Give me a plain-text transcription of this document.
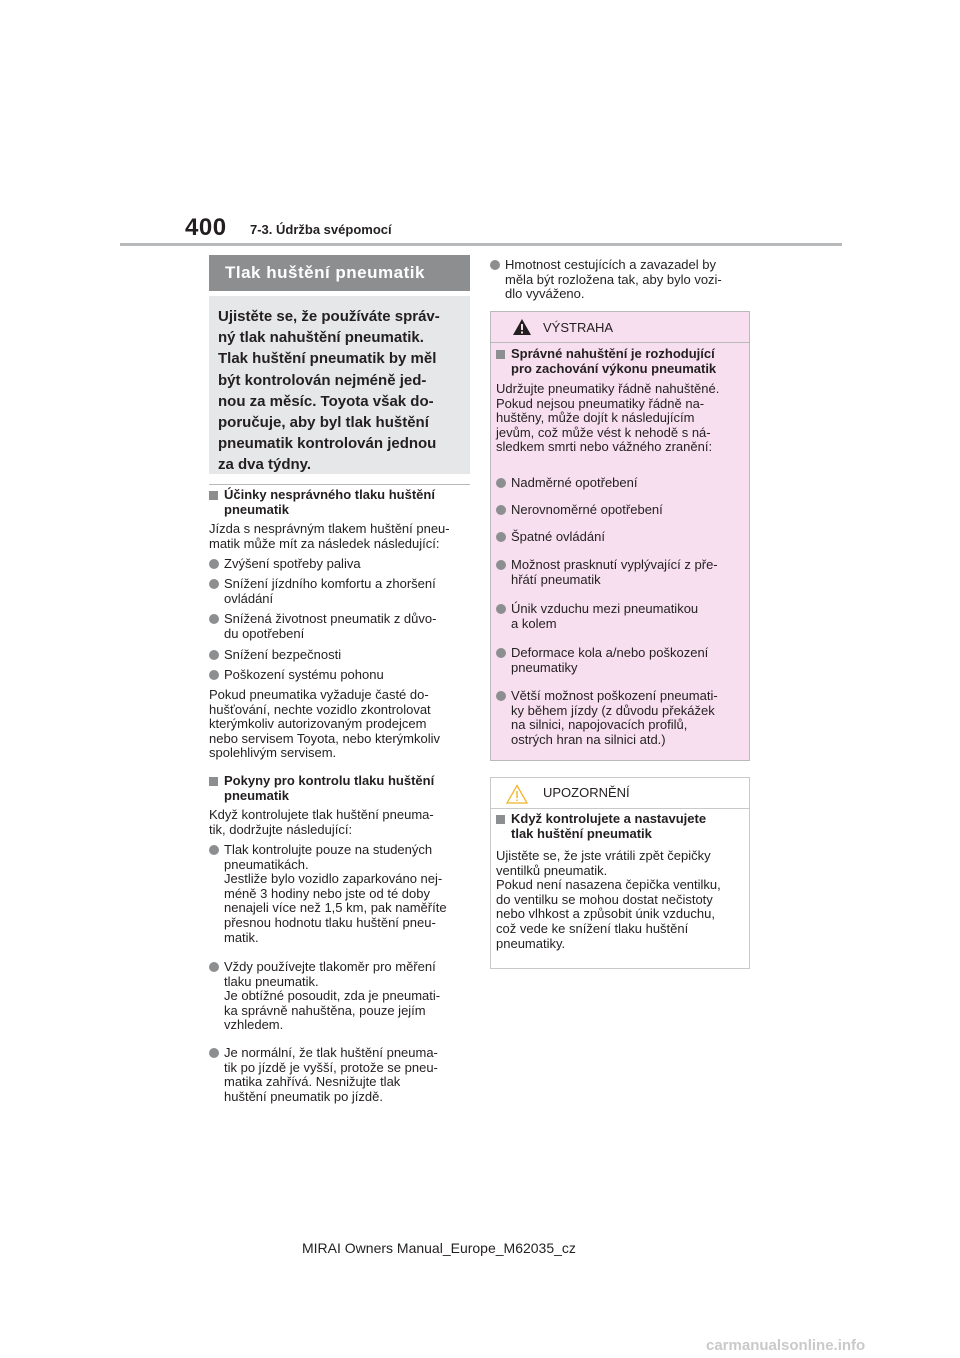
400 7-3. Údržba svépomocí
Tlak huštění pneumatik
Ujistěte se, že používáte správ-
ný tlak nahuštění pneumatik.
Tlak huštění pneumatik by měl
být kontrolován nejméně jed-
nou za měsíc. Toyota však do-
poručuje, aby byl tlak huštění
pneumatik kontrolován jednou
za dva týdny.
Účinky nesprávného tlaku huštění
pneumatik
Jízda s nesprávným tlakem huštění pneu-
matik může mít za následek následující:
Zvýšení spotřeby paliva
Snížení jízdního komfortu a zhoršení
ovládání
Snížená životnost pneumatik z důvo-
du opotřebení
Snížení bezpečnosti
Poškození systému pohonu
Pokud pneumatika vyžaduje časté do-
hušťování, nechte vozidlo zkontrolovat
kterýmkoliv autorizovaným prodejcem
nebo servisem Toyota, nebo kterýmkoliv
spolehlivým servisem.
Pokyny pro kontrolu tlaku huštění
pneumatik
Když kontrolujete tlak huštění pneuma-
tik, dodržujte následující:
Tlak kontrolujte pouze na studených
pneumatikách.
Jestliže bylo vozidlo zaparkováno nej-
méně 3 hodiny nebo jste od té doby
nenajeli více než 1,5 km, pak naměříte
přesnou hodnotu tlaku huštění pneu-
matik.
Vždy používejte tlakoměr pro měření
tlaku pneumatik.
Je obtížné posoudit, zda je pneumati-
ka správně nahuštěna, pouze jejím
vzhledem.
Je normální, že tlak huštění pneuma-
tik po jízdě je vyšší, protože se pneu-
matika zahřívá. Nesnižujte tlak
huštění pneumatik po jízdě.
Hmotnost cestujících a zavazadel by
měla být rozložena tak, aby bylo vozi-
dlo vyváženo.
VÝSTRAHA
Správné nahuštění je rozhodující
pro zachování výkonu pneumatik
Udržujte pneumatiky řádně nahuštěné.
Pokud nejsou pneumatiky řádně na-
huštěny, může dojít k následujícím
jevům, což může vést k nehodě s ná-
sledkem smrti nebo vážného zranění:
Nadměrné opotřebení
Nerovnoměrné opotřebení
Špatné ovládání
Možnost prasknutí vyplývající z pře-
hřátí pneumatik
Únik vzduchu mezi pneumatikou
a kolem
Deformace kola a/nebo poškození
pneumatiky
Větší možnost poškození pneumati-
ky během jízdy (z důvodu překážek
na silnici, napojovacích profilů,
ostrých hran na silnici atd.)
UPOZORNĚNÍ
Když kontrolujete a nastavujete
tlak huštění pneumatik
Ujistěte se, že jste vrátili zpět čepičky
ventilků pneumatik.
Pokud není nasazena čepička ventilku,
do ventilku se mohou dostat nečistoty
nebo vlhkost a způsobit únik vzduchu,
což vede ke snížení tlaku huštění
pneumatiky.
MIRAI Owners Manual_Europe_M62035_cz
carmanualsonline.info
